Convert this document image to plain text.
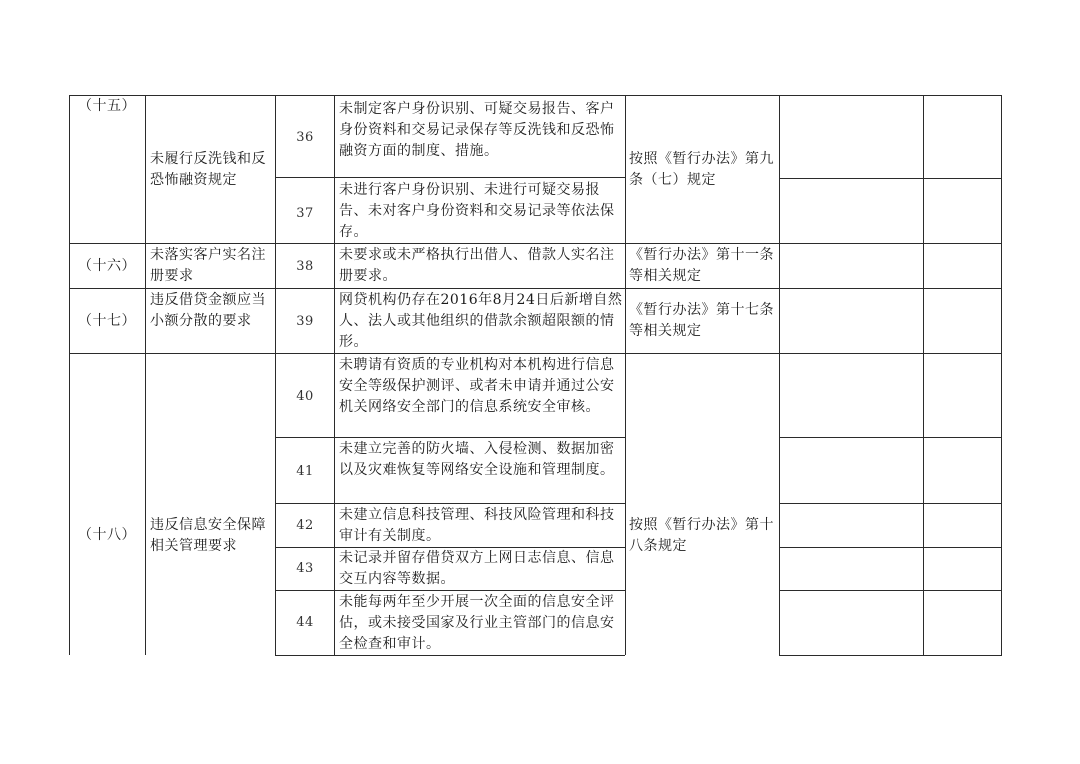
（十五）
未履行反洗钱和反恐怖融资规定
36
未制定客户身份识别、可疑交易报告、客户身份资料和交易记录保存等反洗钱和反恐怖融资方面的制度、措施。	按照《暂行办法》第九条（七）规定
37
未进行客户身份识别、未进行可疑交易报告、未对客户身份资料和交易记录等依法保存。
（十六）
未落实客户实名注册要求
38
未要求或未严格执行出借人、借款人实名注册要求。
《暂行办法》第十一条等相关规定
（十七）
违反借贷金额应当小额分散的要求	39
网贷机构仍存在2016年8月24日后新增自然人、法人或其他组织的借款余额超限额的情形。
《暂行办法》第十七条等相关规定
（十八）
违反信息安全保障相关管理要求
40
未聘请有资质的专业机构对本机构进行信息安全等级保护测评、或者未申请并通过公安机关网络安全部门的信息系统安全审核。
按照《暂行办法》第十八条规定
41
未建立完善的防火墙、入侵检测、数据加密以及灾难恢复等网络安全设施和管理制度。
42
未建立信息科技管理、科技风险管理和科技审计有关制度。
43
未记录并留存借贷双方上网日志信息、信息交互内容等数据。
44
未能每两年至少开展一次全面的信息安全评估，或未接受国家及行业主管部门的信息安全检查和审计。
